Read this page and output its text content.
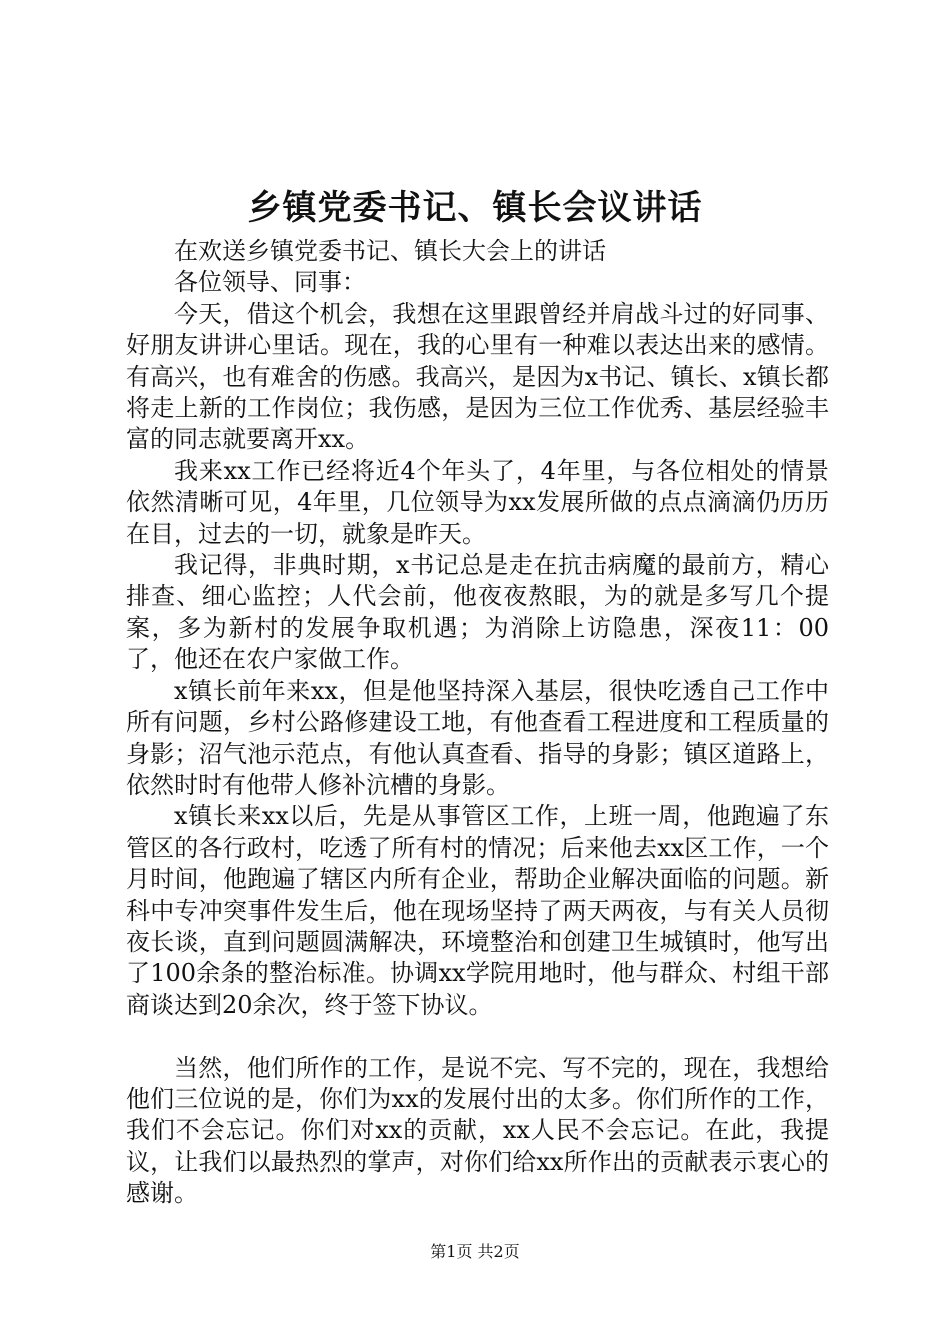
乡镇党委书记、镇长会议讲话

在欢送乡镇党委书记、镇长大会上的讲话

各位领导、同事：

今天，借这个机会，我想在这里跟曾经并肩战斗过的好同事、好朋友讲讲心里话。现在，我的心里有一种难以表达出来的感情。有高兴，也有难舍的伤感。我高兴，是因为x书记、镇长、x镇长都将走上新的工作岗位；我伤感，是因为三位工作优秀、基层经验丰富的同志就要离开xx。

我来xx工作已经将近4个年头了，4年里，与各位相处的情景依然清晰可见，4年里，几位领导为xx发展所做的点点滴滴仍历历在目，过去的一切，就象是昨天。

我记得，非典时期，x书记总是走在抗击病魔的最前方，精心排查、细心监控；人代会前，他夜夜熬眼，为的就是多写几个提案，多为新村的发展争取机遇；为消除上访隐患，深夜11：00了，他还在农户家做工作。

x镇长前年来xx，但是他坚持深入基层，很快吃透自己工作中所有问题，乡村公路修建设工地，有他查看工程进度和工程质量的身影；沼气池示范点，有他认真查看、指导的身影；镇区道路上，依然时时有他带人修补沆槽的身影。

x镇长来xx以后，先是从事管区工作，上班一周，他跑遍了东管区的各行政村，吃透了所有村的情况；后来他去xx区工作，一个月时间，他跑遍了辖区内所有企业，帮助企业解决面临的问题。新科中专冲突事件发生后，他在现场坚持了两天两夜，与有关人员彻夜长谈，直到问题圆满解决，环境整治和创建卫生城镇时，他写出了100余条的整治标准。协调xx学院用地时，他与群众、村组干部商谈达到20余次，终于签下协议。

当然，他们所作的工作，是说不完、写不完的，现在，我想给他们三位说的是，你们为xx的发展付出的太多。你们所作的工作，我们不会忘记。你们对xx的贡献，xx人民不会忘记。在此，我提议，让我们以最热烈的掌声，对你们给xx所作出的贡献表示衷心的感谢。

第1页 共2页
